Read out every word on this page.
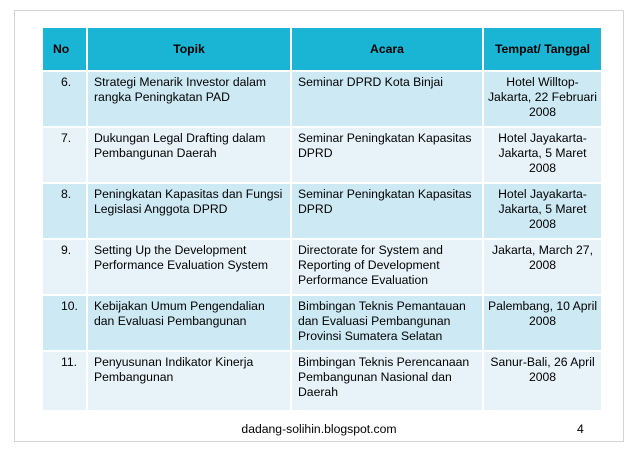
No	Topik	Acara	Tempat/ Tanggal
6.	Strategi Menarik Investor dalam rangka Peningkatan PAD	Seminar DPRD Kota Binjai	Hotel Willtop-Jakarta, 22 Februari 2008
7.	Dukungan Legal Drafting dalam Pembangunan Daerah	Seminar Peningkatan Kapasitas DPRD	Hotel Jayakarta-Jakarta, 5 Maret 2008
8.	Peningkatan Kapasitas dan Fungsi Legislasi Anggota DPRD	Seminar Peningkatan Kapasitas DPRD	Hotel Jayakarta-Jakarta, 5 Maret 2008
9.	Setting Up the Development Performance Evaluation System	Directorate for System and Reporting of Development Performance Evaluation	Jakarta, March 27, 2008
10.	Kebijakan Umum Pengendalian dan Evaluasi Pembangunan	Bimbingan Teknis Pemantauan dan Evaluasi Pembangunan Provinsi Sumatera Selatan	Palembang, 10 April 2008
11.	Penyusunan Indikator Kinerja Pembangunan	Bimbingan Teknis Perencanaan Pembangunan Nasional dan Daerah	Sanur-Bali, 26 April 2008
dadang-solihin.blogspot.com	4
